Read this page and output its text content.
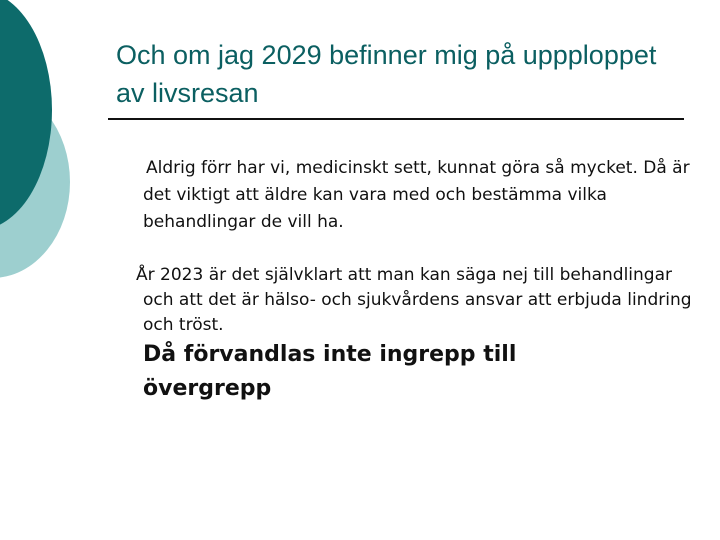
Och om jag 2029 befinner mig på uppploppet av livsresan

Aldrig förr har vi, medicinskt sett, kunnat göra så mycket. Då är det viktigt att äldre kan vara med och bestämma vilka behandlingar de vill ha.

År 2023 är det självklart att man kan säga nej till behandlingar och att det är hälso- och sjukvårdens ansvar att erbjuda lindring och tröst.

Då förvandlas inte ingrepp till övergrepp
